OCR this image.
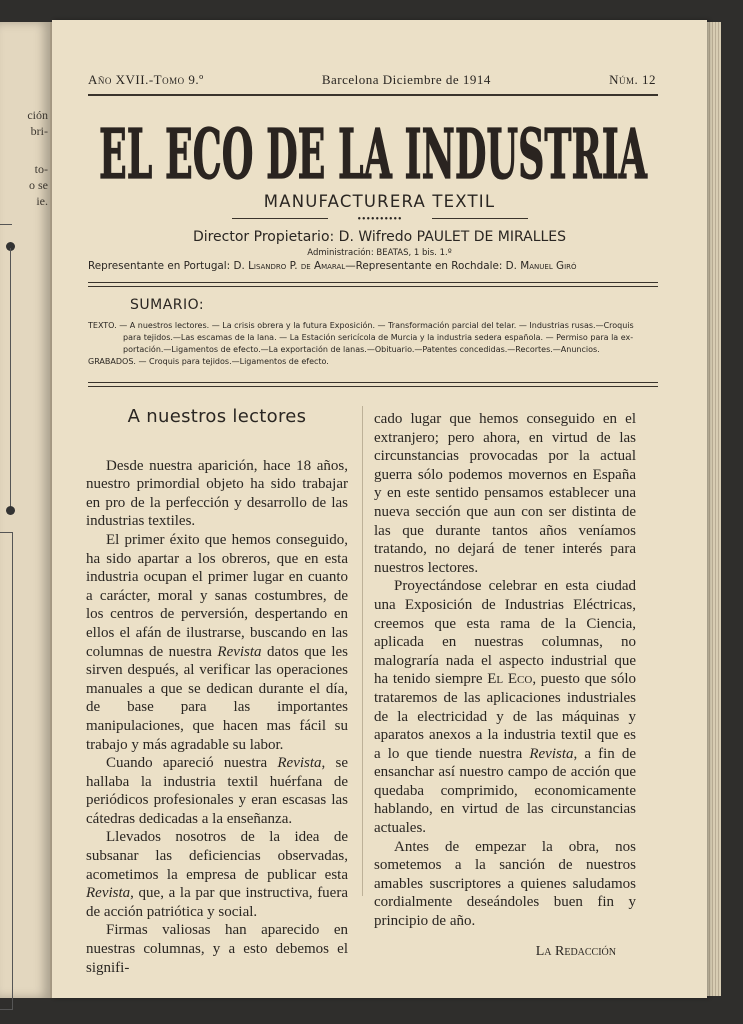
ción
bri-
to-
o se
ie.
Año XVII.-Tomo 9.º	Barcelona Diciembre de 1914	Núm. 12
EL ECO DE LA INDUSTRIA
MANUFACTURERA TEXTIL
••••••••••
Director Propietario: D. Wifredo PAULET DE MIRALLES
Administración: BEATAS, 1 bis. 1.º
Representante en Portugal: D. Lisandro P. de Amaral—Representante en Rochdale: D. Manuel Giró
SUMARIO:
TEXTO. — A nuestros lectores. — La crisis obrera y la futura Exposición. — Transformación parcial del telar. — Industrias rusas.—Croquis
para tejidos.—Las escamas de la lana. — La Estación sericícola de Murcia y la industria sedera española. — Permiso para la ex-
portación.—Ligamentos de efecto.—La exportación de lanas.—Obituario.—Patentes concedidas.—Recortes.—Anuncios.
GRABADOS. — Croquis para tejidos.—Ligamentos de efecto.
A nuestros lectores

Desde nuestra aparición, hace 18 años, nuestro primordial objeto ha sido trabajar en pro de la perfección y desarrollo de las industrias textiles.

El primer éxito que hemos conseguido, ha sido apartar a los obreros, que en esta industria ocupan el primer lugar en cuanto a carácter, moral y sanas costumbres, de los centros de perversión, despertando en ellos el afán de ilustrarse, buscando en las columnas de nuestra Revista datos que les sirven después, al verificar las operaciones manuales a que se dedican durante el día, de base para las importantes manipulaciones, que hacen mas fácil su trabajo y más agradable su labor.

Cuando apareció nuestra Revista, se hallaba la industria textil huérfana de periódicos profesionales y eran escasas las cátedras dedicadas a la enseñanza.

Llevados nosotros de la idea de subsanar las deficiencias observadas, acometimos la empresa de publicar esta Revista, que, a la par que instructiva, fuera de acción patriótica y social.

Firmas valiosas han aparecido en nuestras columnas, y a esto debemos el signifi-

cado lugar que hemos conseguido en el extranjero; pero ahora, en virtud de las circunstancias provocadas por la actual guerra sólo podemos movernos en España y en este sentido pensamos establecer una nueva sección que aun con ser distinta de las que durante tantos años veníamos tratando, no dejará de tener interés para nuestros lectores.

Proyectándose celebrar en esta ciudad una Exposición de Industrias Eléctricas, creemos que esta rama de la Ciencia, aplicada en nuestras columnas, no malograría nada el aspecto industrial que ha tenido siempre El Eco, puesto que sólo trataremos de las aplicaciones industriales de la electricidad y de las máquinas y aparatos anexos a la industria textil que es a lo que tiende nuestra Revista, a fin de ensanchar así nuestro campo de acción que quedaba comprimido, economicamente hablando, en virtud de las circunstancias actuales.

Antes de empezar la obra, nos sometemos a la sanción de nuestros amables suscriptores a quienes saludamos cordialmente deseándoles buen fin y principio de año.

La Redacción
